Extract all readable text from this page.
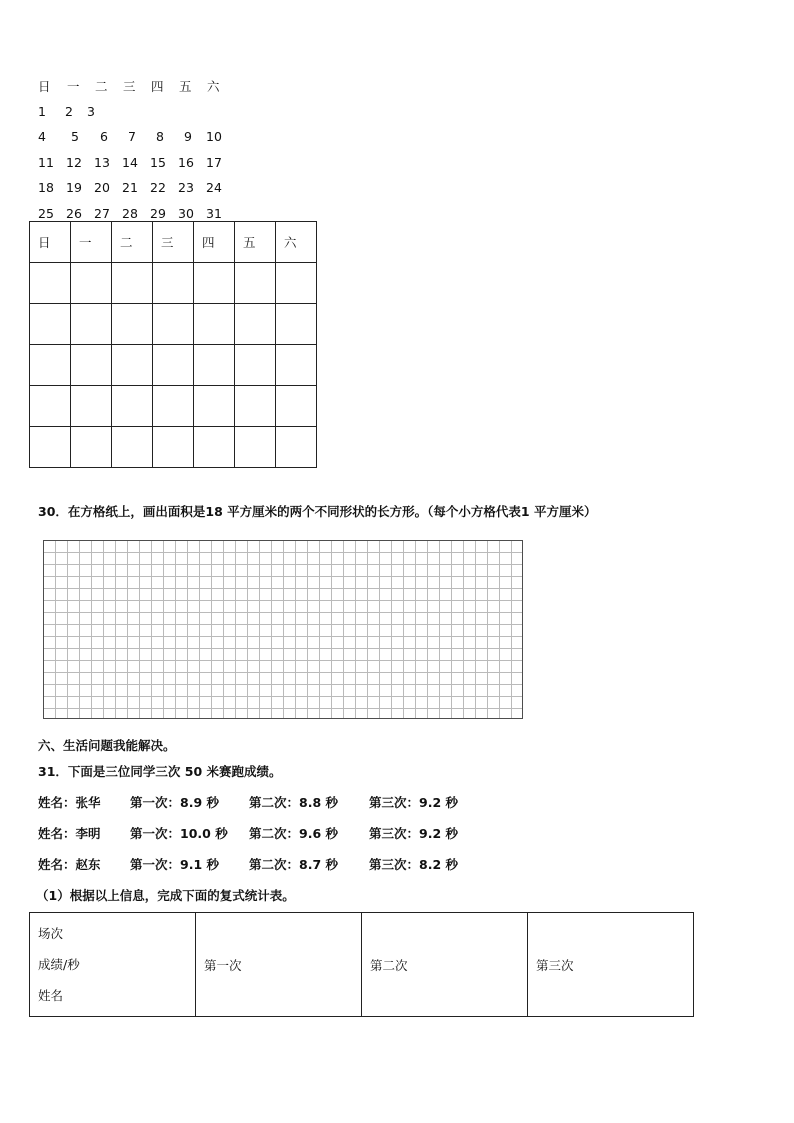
日 一 二 三 四 五 六
1 2 3
4 5 6 7 8 9 10
11 12 13 14 15 16 17
18 19 20 21 22 23 24
25 26 27 28 29 30 31
日	一	二	三	四	五	六

30．在方格纸上，画出面积是18 平方厘米的两个不同形状的长方形。（每个小方格代表1 平方厘米）
六、生活问题我能解决。
31．下面是三位同学三次 50 米赛跑成绩。
姓名：张华 第一次：8.9 秒 第二次：8.8 秒 第三次：9.2 秒
姓名：李明 第一次：10.0 秒 第二次：9.6 秒 第三次：9.2 秒
姓名：赵东 第一次：9.1 秒 第二次：8.7 秒 第三次：8.2 秒
（1）根据以上信息，完成下面的复式统计表。
场次
成绩/秒
姓名
	第一次	第二次	第三次
